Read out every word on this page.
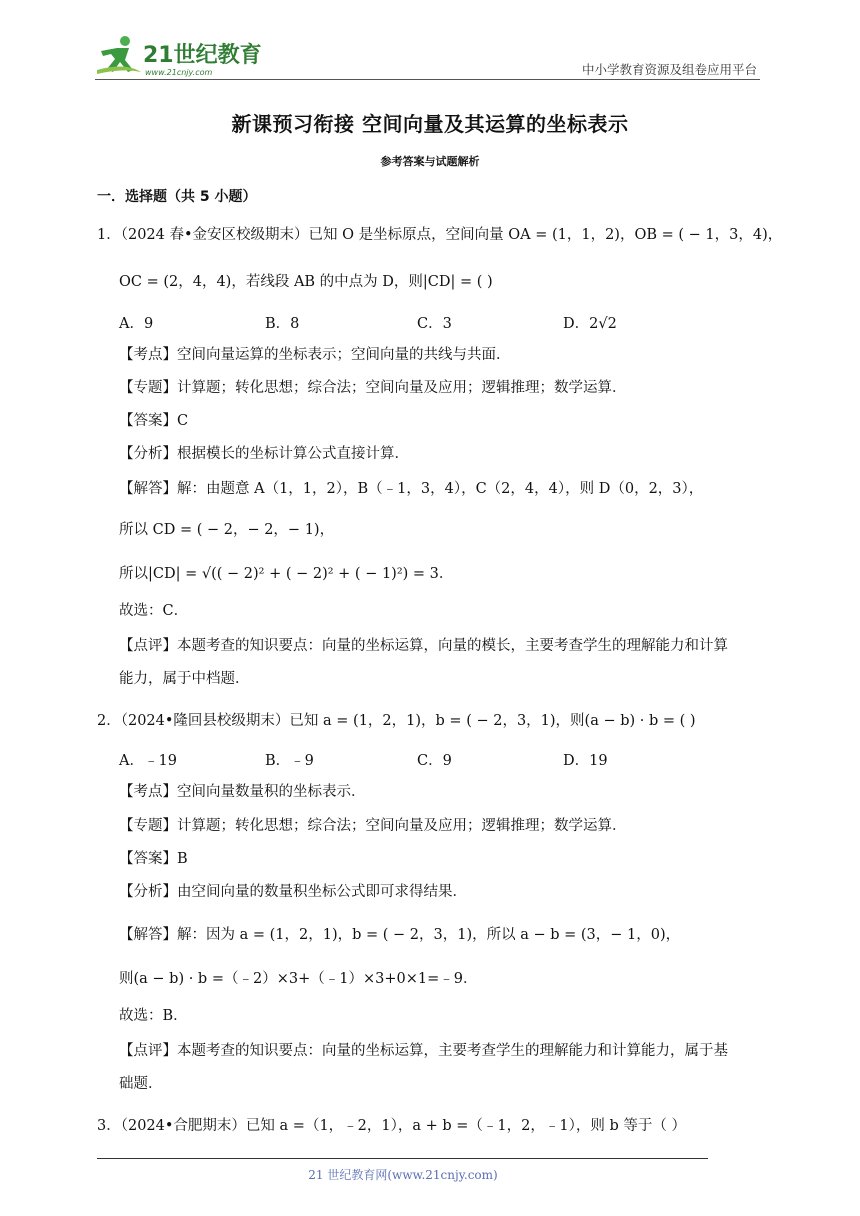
21世纪教育
www.21cnjy.com	中小学教育资源及组卷应用平台
新课预习衔接 空间向量及其运算的坐标表示
参考答案与试题解析
一．选择题（共 5 小题）
1．（2024 春•金安区校级期末）已知 O 是坐标原点，空间向量 OA = (1，1，2)，OB = ( − 1，3，4)，
OC = (2，4，4)，若线段 AB 的中点为 D，则|CD| = ( )
A．9	B．8	C．3	D．2√2
【考点】空间向量运算的坐标表示；空间向量的共线与共面．
【专题】计算题；转化思想；综合法；空间向量及应用；逻辑推理；数学运算．
【答案】C
【分析】根据模长的坐标计算公式直接计算．
【解答】解：由题意 A（1，1，2），B（﹣1，3，4），C（2，4，4），则 D（0，2，3），
所以 CD = ( − 2，− 2，− 1)，
所以|CD| = √(( − 2)² + ( − 2)² + ( − 1)²) = 3．
故选：C．
【点评】本题考查的知识要点：向量的坐标运算，向量的模长，主要考查学生的理解能力和计算
能力，属于中档题．
2．（2024•隆回县校级期末）已知 a = (1，2，1)，b = ( − 2，3，1)，则(a − b) · b = ( )
A．﹣19	B．﹣9	C．9	D．19
【考点】空间向量数量积的坐标表示．
【专题】计算题；转化思想；综合法；空间向量及应用；逻辑推理；数学运算．
【答案】B
【分析】由空间向量的数量积坐标公式即可求得结果．
【解答】解：因为 a = (1，2，1)，b = ( − 2，3，1)，所以 a − b = (3，− 1，0)，
则(a − b) · b =（﹣2）×3+（﹣1）×3+0×1=﹣9．
故选：B．
【点评】本题考查的知识要点：向量的坐标运算，主要考查学生的理解能力和计算能力，属于基
础题．
3．（2024•合肥期末）已知 a =（1，﹣2，1），a + b =（﹣1，2，﹣1），则 b 等于（ ）
21 世纪教育网(www.21cnjy.com)
